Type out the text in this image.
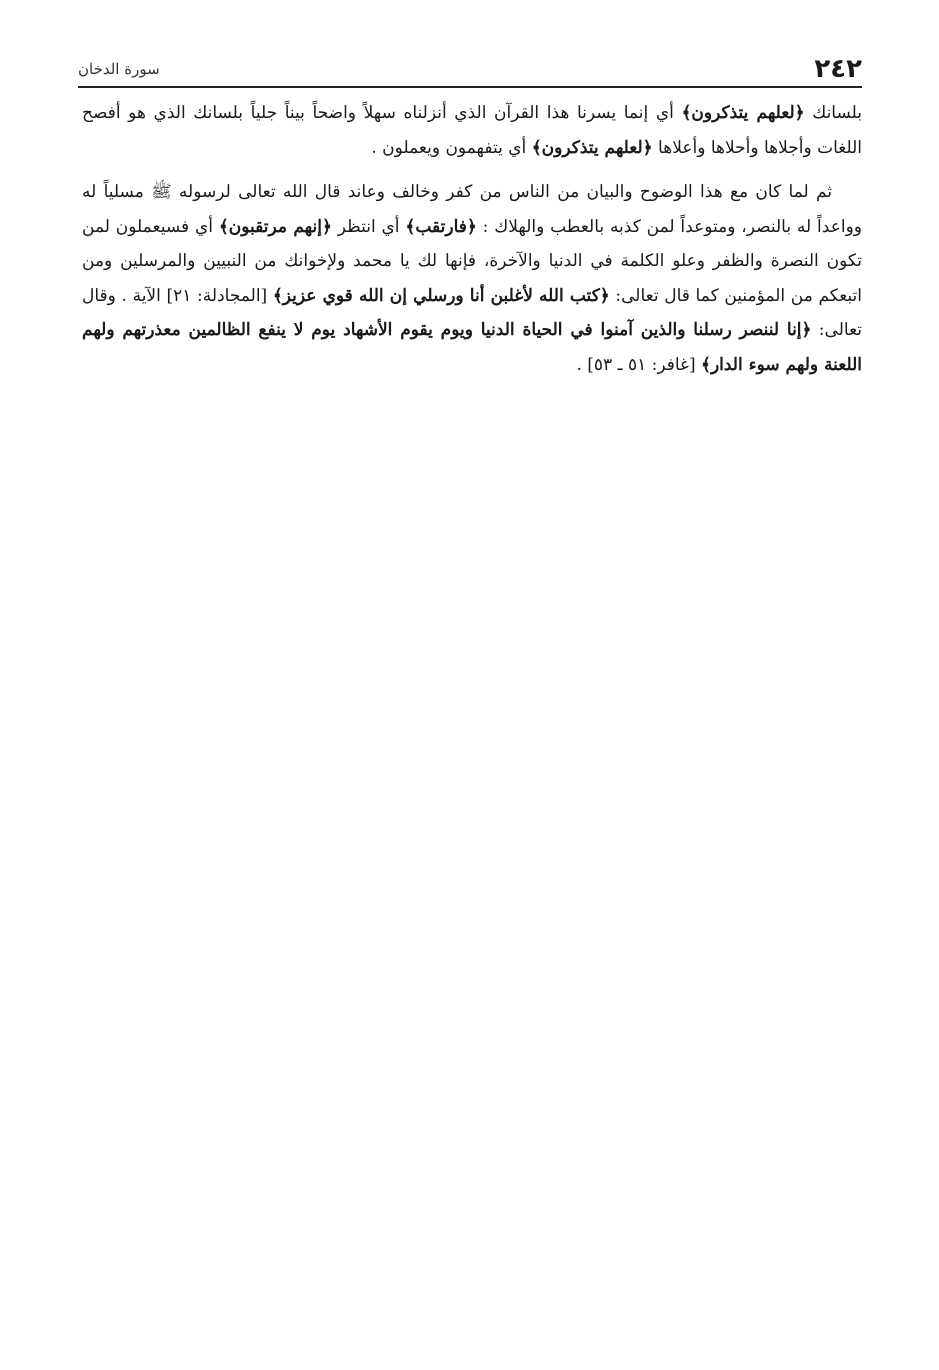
٢٤٢
سورة الدخان

بلسانك ﴿لعلهم يتذكرون﴾ أي إنما يسرنا هذا القرآن الذي أنزلناه سهلاً واضحاً بيناً جلياً بلسانك الذي هو أفصح اللغات وأجلاها وأحلاها وأعلاها ﴿لعلهم يتذكرون﴾ أي يتفهمون ويعملون .

ثم لما كان مع هذا الوضوح والبيان من الناس من كفر وخالف وعاند قال الله تعالى لرسوله ﷺ مسلياً له وواعداً له بالنصر، ومتوعداً لمن كذبه بالعطب والهلاك : ﴿فارتقب﴾ أي انتظر ﴿إنهم مرتقبون﴾ أي فسيعملون لمن تكون النصرة والظفر وعلو الكلمة في الدنيا والآخرة، فإنها لك يا محمد ولإخوانك من النبيين والمرسلين ومن اتبعكم من المؤمنين كما قال تعالى: ﴿كتب الله لأغلبن أنا ورسلي إن الله قوي عزيز﴾ [المجادلة: ٢١] الآية . وقال تعالى: ﴿إنا لننصر رسلنا والذين آمنوا في الحياة الدنيا ويوم يقوم الأشهاد يوم لا ينفع الظالمين معذرتهم ولهم اللعنة ولهم سوء الدار﴾ [غافر: ٥١ ـ ٥٣] .
